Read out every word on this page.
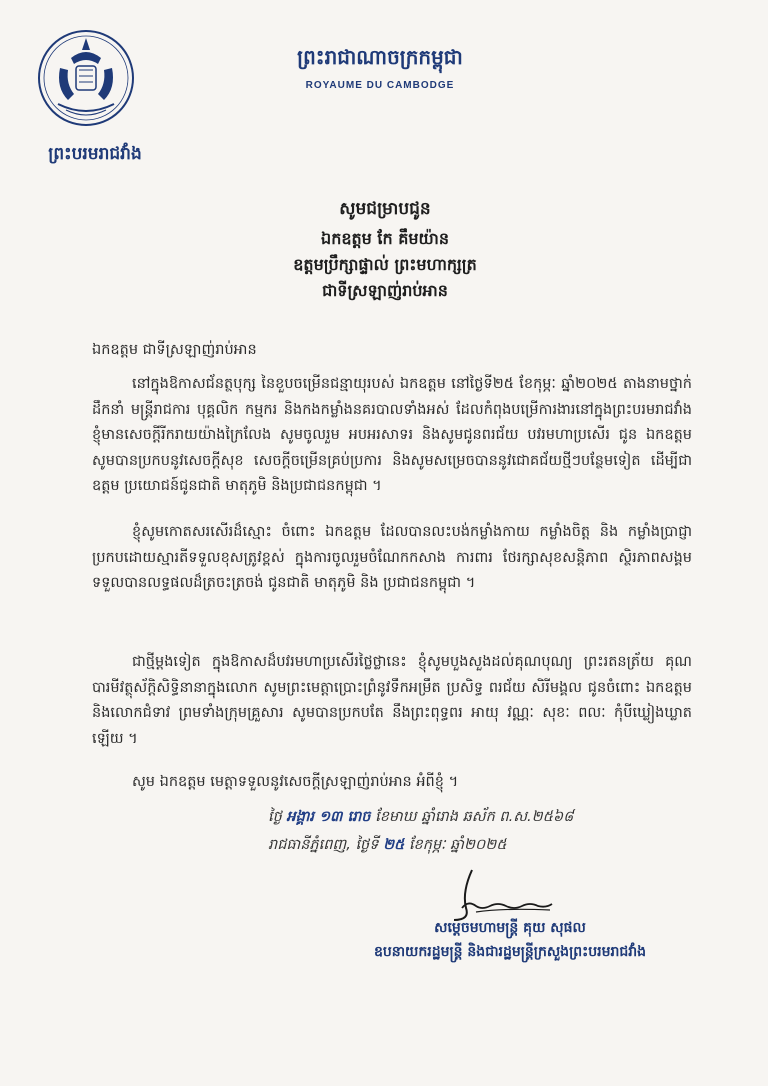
ព្រះបរមរាជវាំង
ព្រះរាជាណាចក្រកម្ពុជា
ROYAUME DU CAMBODGE
សូមជម្រាបជូន
ឯកឧត្តម កែ គឹមយ៉ាន
ឧត្តមប្រឹក្សាផ្ទាល់ ព្រះមហាក្សត្រ
ជាទីស្រឡាញ់រាប់អាន
ឯកឧត្តម ជាទីស្រឡាញ់រាប់អាន
នៅក្នុងឱកាសជ័នត្ថបុក្ស នៃខួបចម្រើនជន្មាយុរបស់ ឯកឧត្តម នៅថ្ងៃទី២៥ ខែកុម្ភៈ ឆ្នាំ២០២៥ តាងនាមថ្នាក់ដឹកនាំ មន្ត្រីរាជការ បុគ្គលិក កម្មករ និងកងកម្លាំងនគរបាលទាំងអស់ ដែលកំពុងបម្រើការងារនៅក្នុងព្រះបរមរាជវាំង ខ្ញុំមានសេចក្តីរីករាយយ៉ាងក្រៃលែង សូមចូលរួម អបអរសាទរ និងសូមជូនពរជ័យ បវរមហាប្រសើរ ជូន ឯកឧត្តម សូមបានប្រកបនូវសេចក្តីសុខ សេចក្តីចម្រើនគ្រប់ប្រការ និងសូមសម្រេចបាននូវជោគជ័យថ្មីៗបន្ថែមទៀត ដើម្បីជាឧត្តម ប្រយោជន៍ជូនជាតិ មាតុភូមិ និងប្រជាជនកម្ពុជា ។
ខ្ញុំសូមកោតសរសើរដ៏ស្មោះ ចំពោះ ឯកឧត្តម ដែលបានលះបង់កម្លាំងកាយ កម្លាំងចិត្ត និង កម្លាំងប្រាជ្ញា ប្រកបដោយស្មារតីទទួលខុសត្រូវខ្ពស់ ក្នុងការចូលរួមចំណែកកសាង ការពារ ថែរក្សាសុខសន្តិភាព ស្ថិរភាពសង្គម ទទួលបានលទ្ធផលដ៏ត្រចះត្រចង់ ជូនជាតិ មាតុភូមិ និង ប្រជាជនកម្ពុជា ។
ជាថ្មីម្តងទៀត ក្នុងឱកាសដ៏បវរមហាប្រសើរថ្លៃថ្លានេះ ខ្ញុំសូមបួងសួងដល់គុណបុណ្យ ព្រះរតនត្រ័យ គុណបារមីវត្ថុស័ក្តិសិទ្ធិនានាក្នុងលោក សូមព្រះមេត្តាប្រោះព្រំនូវទឹកអម្រឹត ប្រសិទ្ធ ពរជ័យ សិរីមង្គល ជូនចំពោះ ឯកឧត្តម និងលោកជំទាវ ព្រមទាំងក្រុមគ្រួសារ សូមបានប្រកបតែ នឹងព្រះពុទ្ធពរ អាយុ វណ្ណៈ សុខៈ ពលៈ កុំបីឃ្លៀងឃ្លាតឡើយ ។
សូម ឯកឧត្តម មេត្តាទទួលនូវសេចក្តីស្រឡាញ់រាប់អាន អំពីខ្ញុំ ។
ថ្ងៃ អង្គារ ១៣ រោច ខែមាឃ ឆ្នាំរោង ឆស័ក ព.ស.២៥៦៨
រាជធានីភ្នំពេញ, ថ្ងៃទី ២៥ ខែកុម្ភៈ ឆ្នាំ២០២៥
សម្តេចមហាមន្ត្រី គុយ សុផល
ឧបនាយករដ្ឋមន្ត្រី និងជារដ្ឋមន្ត្រីក្រសួងព្រះបរមរាជវាំង
